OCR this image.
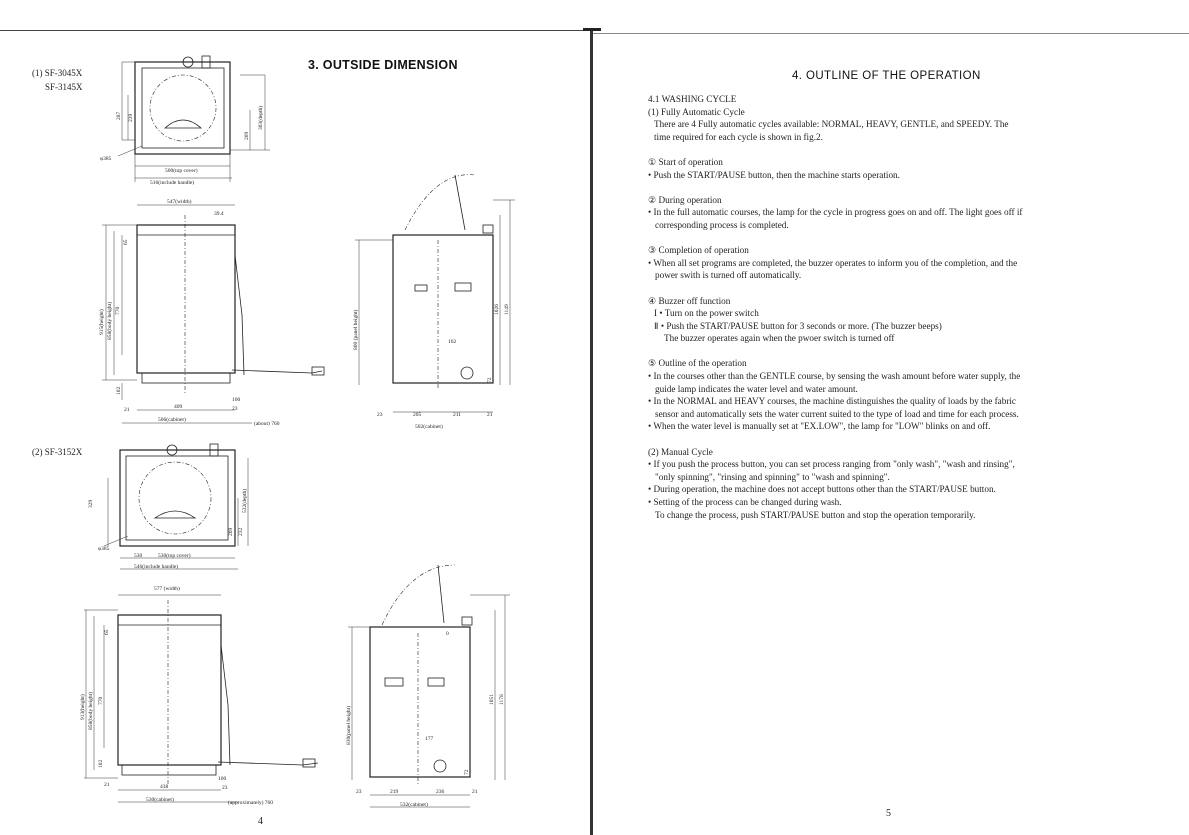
3. OUTSIDE DIMENSION
(1) SF-3045X
SF-3145X
(2) SF-3152X
500(top cover)
516(include handle)
φ385
287 239	303(depth)
209
547(width)
39.4
915(height) 858(body height) 770
65
102
21	409	23
100
506(cabinet)
(about) 760
800 (panel height)
1026 1149
162
72
23	205	211	21
502(cabinet)
φ385
329	532(depth)
269 232
530	530(top cover)
546(include handle)
577 (width)
913(height) 858(body height) 770
65
102
21	438
100
23
530(cabinet)	(approximately) 760
0
830(panel height)
1051 1178
177
72
23	219	236	21
532(cabinet)
4
4. OUTLINE OF THE OPERATION

4.1 WASHING CYCLE

(1) Fully Automatic Cycle

There are 4 Fully automatic cycles available: NORMAL, HEAVY, GENTLE, and SPEEDY. The

time required for each cycle is shown in fig.2.

① Start of operation

• Push the START/PAUSE button, then the machine starts operation.

② During operation

• In the full automatic courses, the lamp for the cycle in progress goes on and off. The light goes off if

corresponding process is completed.

③ Completion of operation

• When all set programs are completed, the buzzer operates to inform you of the completion, and the

power swith is turned off automatically.

④ Buzzer off function

I • Turn on the power switch

Ⅱ • Push the START/PAUSE button for 3 seconds or more. (The buzzer beeps)

The buzzer operates again when the pwoer switch is turned off

⑤ Outline of the operation

• In the courses other than the GENTLE course, by sensing the wash amount before water supply, the

guide lamp indicates the water level and water amount.

• In the NORMAL and HEAVY courses, the machine distinguishes the quality of loads by the fabric

sensor and automatically sets the water current suited to the type of load and time for each process.

• When the water level is manually set at "EX.LOW", the lamp for "LOW" blinks on and off.

(2) Manual Cycle

• If you push the process button, you can set process ranging from "only wash", "wash and rinsing",

"only spinning", "rinsing and spinning" to "wash and spinning".

• During operation, the machine does not accept buttons other than the START/PAUSE button.

• Setting of the process can be changed during wash.

To change the process, push START/PAUSE button and stop the operation temporarily.

5
